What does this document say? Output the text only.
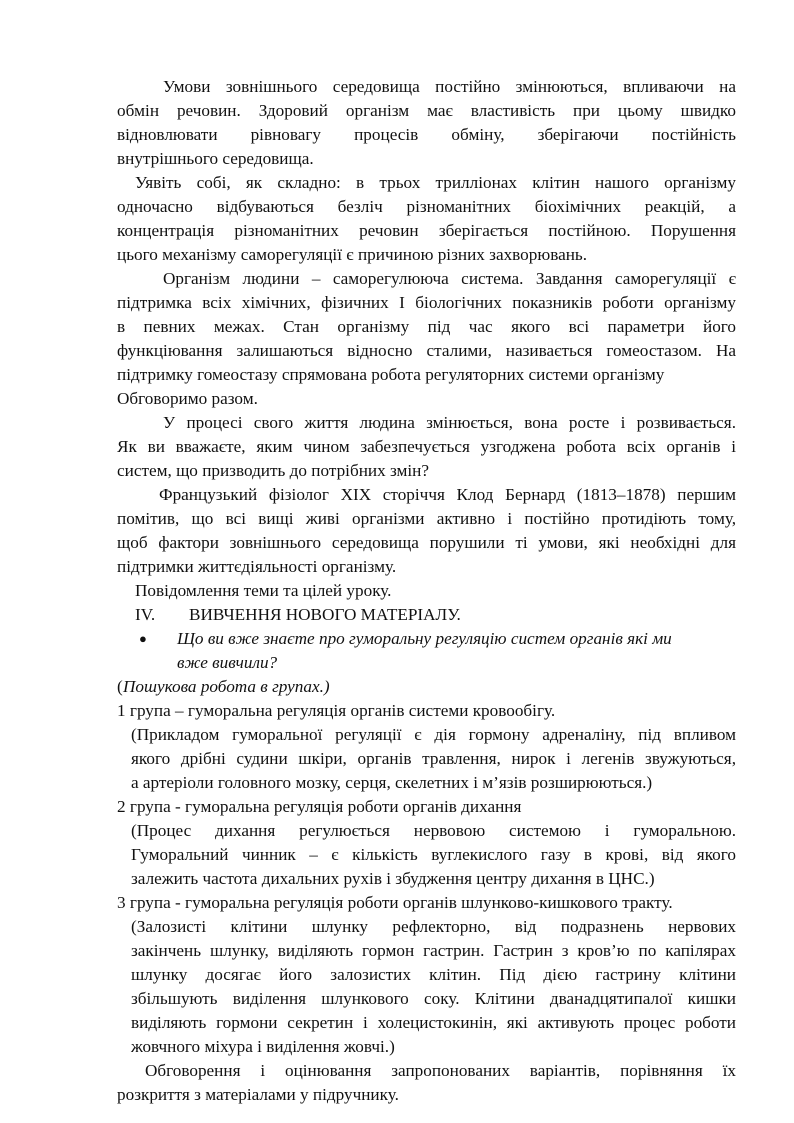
Умови зовнішнього середовища постійно змінюються, впливаючи на
обмін речовин. Здоровий організм має властивість при цьому швидко
відновлювати рівновагу процесів обміну, зберігаючи постійність
внутрішнього середовища.
Уявіть собі, як складно: в трьох трилліонах клітин нашого організму
одночасно відбуваються безліч різноманітних біохімічних реакцій, а
концентрація різноманітних речовин зберігається постійною. Порушення
цього механізму саморегуляції є причиною різних захворювань.
Організм людини – саморегулююча система. Завдання саморегуляції є
підтримка всіх хімічних, фізичних І біологічних показників роботи організму
в певних межах. Стан організму під час якого всі параметри його
функціювання залишаються відносно сталими, називається гомеостазом. На
підтримку гомеостазу спрямована робота регуляторних системи організму
Обговоримо разом.
У процесі свого життя людина змінюється, вона росте і розвивається.
Як ви вважаєте, яким чином забезпечується узгоджена робота всіх органів і
систем, що призводить до потрібних змін?
Французький фізіолог XIX сторіччя Клод Бернард (1813–1878) першим
помітив, що всі вищі живі організми активно і постійно протидіють тому,
щоб фактори зовнішнього середовища порушили ті умови, які необхідні для
підтримки життєдіяльності організму.
Повідомлення теми та цілей уроку.
IV. ВИВЧЕННЯ НОВОГО МАТЕРІАЛУ.
● Що ви вже знаєте про гуморальну регуляцію систем органів які ми
вже вивчили?
( Пошукова робота в групах.)
1 група – гуморальна регуляція органів системи кровообігу.
(Прикладом гуморальної регуляції є дія гормону адреналіну, під впливом
якого дрібні судини шкіри, органів травлення, нирок і легенів звужуються,
а артеріоли головного мозку, серця, скелетних і м’язів розширюються.)
2 група - гуморальна регуляція роботи органів дихання
(Процес дихання регулюється нервовою системою і гуморальною.
Гуморальний чинник – є кількість вуглекислого газу в крові, від якого
залежить частота дихальних рухів і збудження центру дихання в ЦНС.)
3 група - гуморальна регуляція роботи органів шлунково-кишкового тракту.
(Залозисті клітини шлунку рефлекторно, від подразнень нервових
закінчень шлунку, виділяють гормон гастрин. Гастрин з кров’ю по капілярах
шлунку досягає його залозистих клітин. Під дією гастрину клітини
збільшують виділення шлункового соку. Клітини дванадцятипалої кишки
виділяють гормони секретин і холецистокинін, які активують процес роботи
жовчного міхура і виділення жовчі.)
Обговорення і оцінювання запропонованих варіантів, порівняння їх
розкриття з матеріалами у підручнику.
